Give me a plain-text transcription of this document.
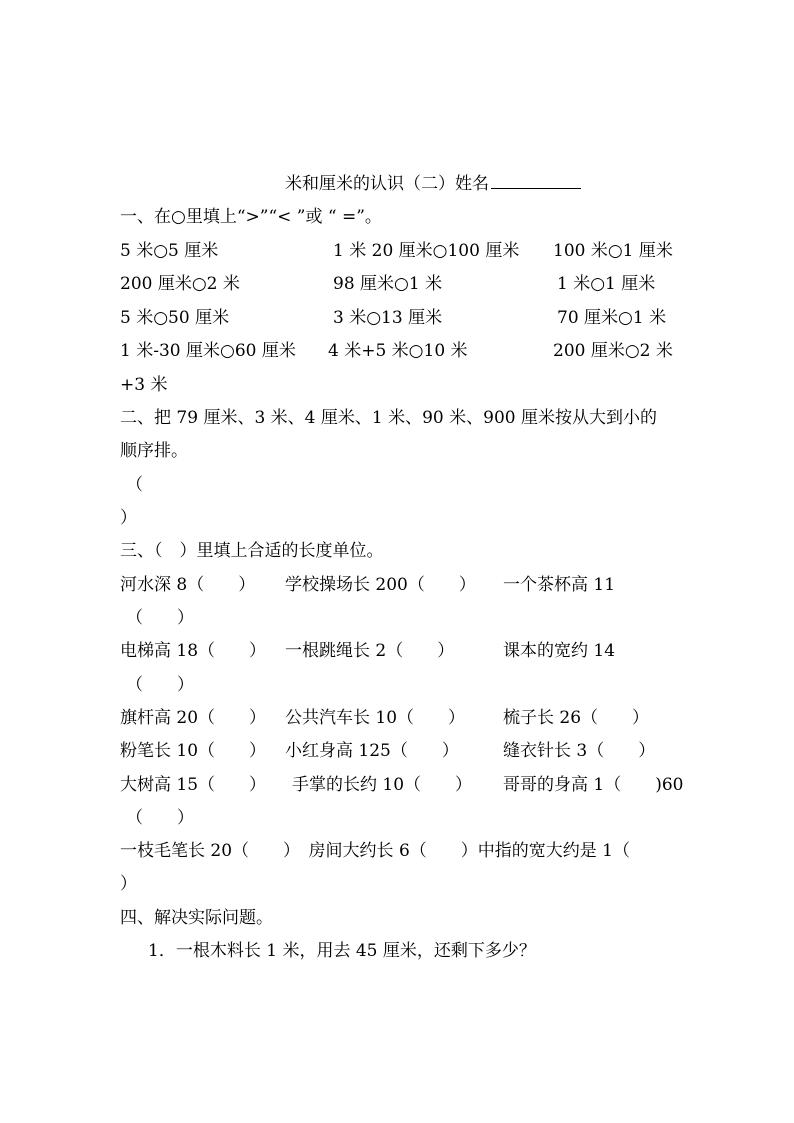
米和厘米的认识（二）姓名
一、在○里填上“>”“< ”或 “ =”。
5 米○5 厘米	1 米 20 厘米○100 厘米 100 米○1 厘米
200 厘米○2 米	98 厘米○1 米	1 米○1 厘米
5 米○50 厘米	3 米○13 厘米	70 厘米○1 米
1 米-30 厘米○60 厘米 4 米+5 米○10 米	200 厘米○2 米
+3 米
二、把 79 厘米、3 米、4 厘米、1 米、90 米、900 厘米按从大到小的
顺序排。
（
）
三、（　）里填上合适的长度单位。
河水深 8（　　） 学校操场长 200（　　） 一个茶杯高 11
（　　）
电梯高 18（　　） 一根跳绳长 2（　　）	课本的宽约 14
（　　）
旗杆高 20（　　） 公共汽车长 10（　　） 梳子长 26（　　）
粉笔长 10（　　） 小红身高 125（　　）	缝衣针长 3（　　）
大树高 15（　　） 手掌的长约 10（　　） 哥哥的身高 1（　　)60
（　　）
一枝毛笔长 20（　　）　房间大约长 6（　　）中指的宽大约是 1（　
）
四、解决实际问题。
1．一根木料长 1 米，用去 45 厘米，还剩下多少？
